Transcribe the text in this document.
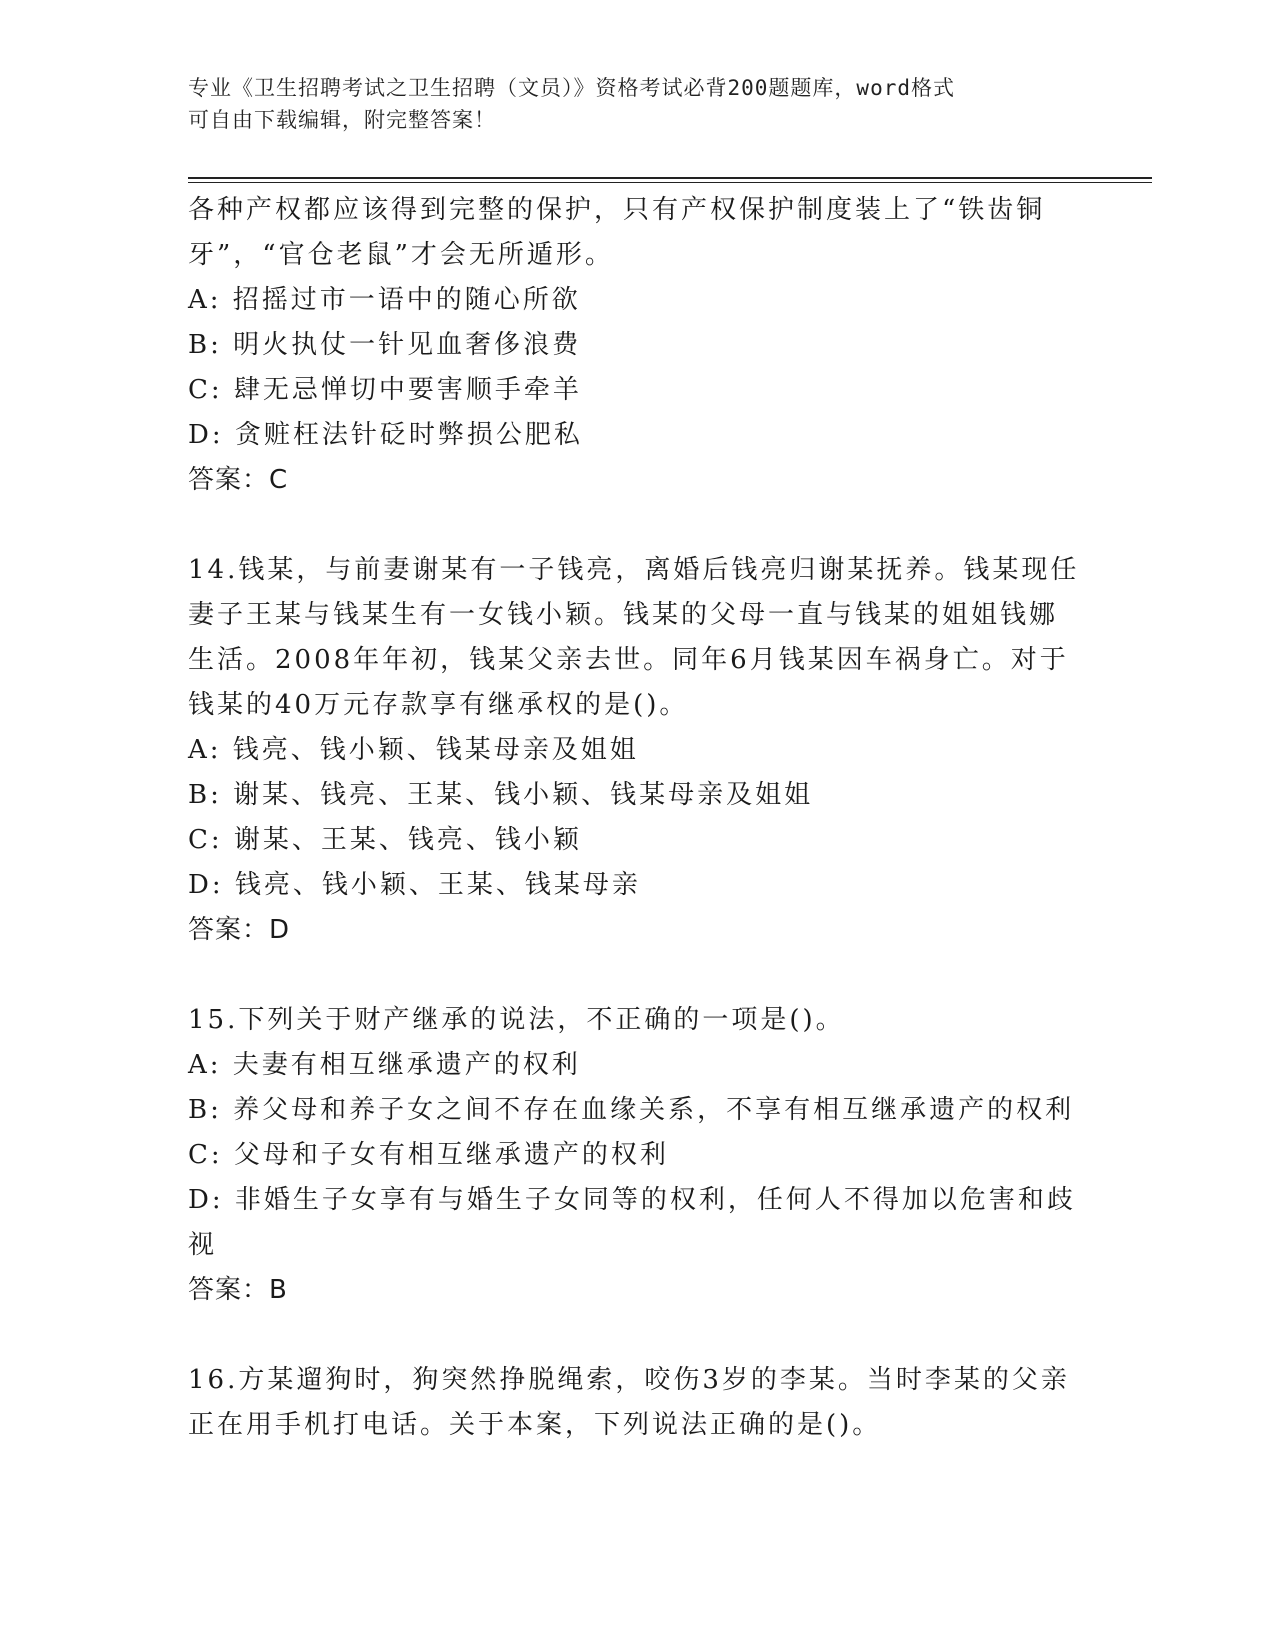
专业《卫生招聘考试之卫生招聘（文员）》资格考试必背200题题库，word格式
可自由下载编辑，附完整答案！

各种产权都应该得到完整的保护，只有产权保护制度装上了“铁齿铜

牙”，“官仓老鼠”才会无所遁形。

A: 招摇过市一语中的随心所欲

B: 明火执仗一针见血奢侈浪费

C: 肆无忌惮切中要害顺手牵羊

D: 贪赃枉法针砭时弊损公肥私

答案：C

14.钱某，与前妻谢某有一子钱亮，离婚后钱亮归谢某抚养。钱某现任

妻子王某与钱某生有一女钱小颖。钱某的父母一直与钱某的姐姐钱娜

生活。2008年年初，钱某父亲去世。同年6月钱某因车祸身亡。对于

钱某的40万元存款享有继承权的是()。

A: 钱亮、钱小颖、钱某母亲及姐姐

B: 谢某、钱亮、王某、钱小颖、钱某母亲及姐姐

C: 谢某、王某、钱亮、钱小颖

D: 钱亮、钱小颖、王某、钱某母亲

答案：D

15.下列关于财产继承的说法，不正确的一项是()。

A: 夫妻有相互继承遗产的权利

B: 养父母和养子女之间不存在血缘关系，不享有相互继承遗产的权利

C: 父母和子女有相互继承遗产的权利

D: 非婚生子女享有与婚生子女同等的权利，任何人不得加以危害和歧

视

答案：B

16.方某遛狗时，狗突然挣脱绳索，咬伤3岁的李某。当时李某的父亲

正在用手机打电话。关于本案，下列说法正确的是()。
